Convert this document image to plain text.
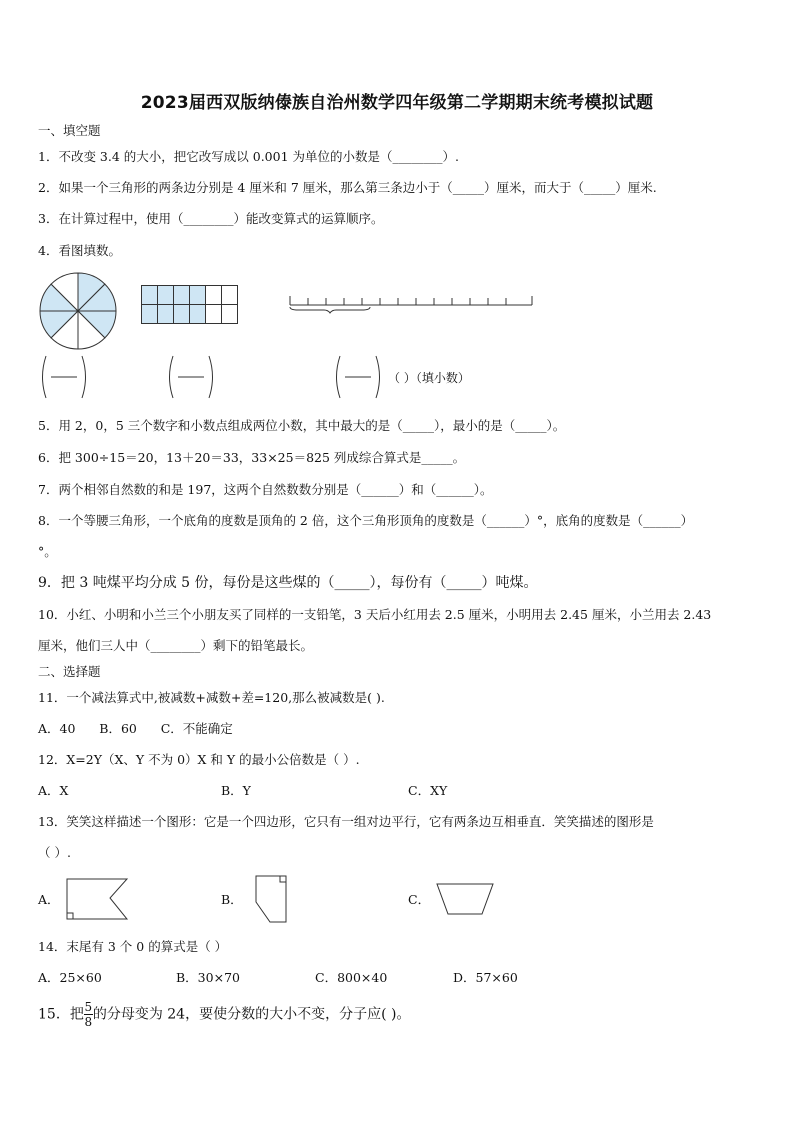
2023届西双版纳傣族自治州数学四年级第二学期期末统考模拟试题
一、填空题
1．不改变 3.4 的大小，把它改写成以 0.001 为单位的小数是（________）.
2．如果一个三角形的两条边分别是 4 厘米和 7 厘米，那么第三条边小于（_____）厘米，而大于（_____）厘米.
3．在计算过程中，使用（________）能改变算式的运算顺序。
4．看图填数。
（ ）（填小数）
5．用 2，0，5 三个数字和小数点组成两位小数，其中最大的是（_____），最小的是（_____）。
6．把 300÷15＝20，13＋20＝33，33×25＝825 列成综合算式是_____。
7．两个相邻自然数的和是 197，这两个自然数数分别是（______）和（______）。
8．一个等腰三角形，一个底角的度数是顶角的 2 倍，这个三角形顶角的度数是（______）°，底角的度数是（______）
°。
9．把 3 吨煤平均分成 5 份，每份是这些煤的（_____），每份有（_____）吨煤。
10．小红、小明和小兰三个小朋友买了同样的一支铅笔，3 天后小红用去 2.5 厘米，小明用去 2.45 厘米，小兰用去 2.43
厘米，他们三人中（________）剩下的铅笔最长。
二、选择题
11．一个减法算式中,被减数+减数+差=120,那么被减数是( ).
A．40      B．60      C．不能确定
12．X=2Y（X、Y 不为 0）X 和 Y 的最小公倍数是（ ）.
A．X	B．Y	C．XY
13．笑笑这样描述一个图形：它是一个四边形，它只有一组对边平行，它有两条边互相垂直．笑笑描述的图形是
（ ）.
A．	B．	C．
14．末尾有 3 个 0 的算式是（ ）
A．25×60	B．30×70	C．800×40	D．57×60
15．把 $\frac{5}{8}$ 的分母变为 24，要使分数的大小不变，分子应( )。
